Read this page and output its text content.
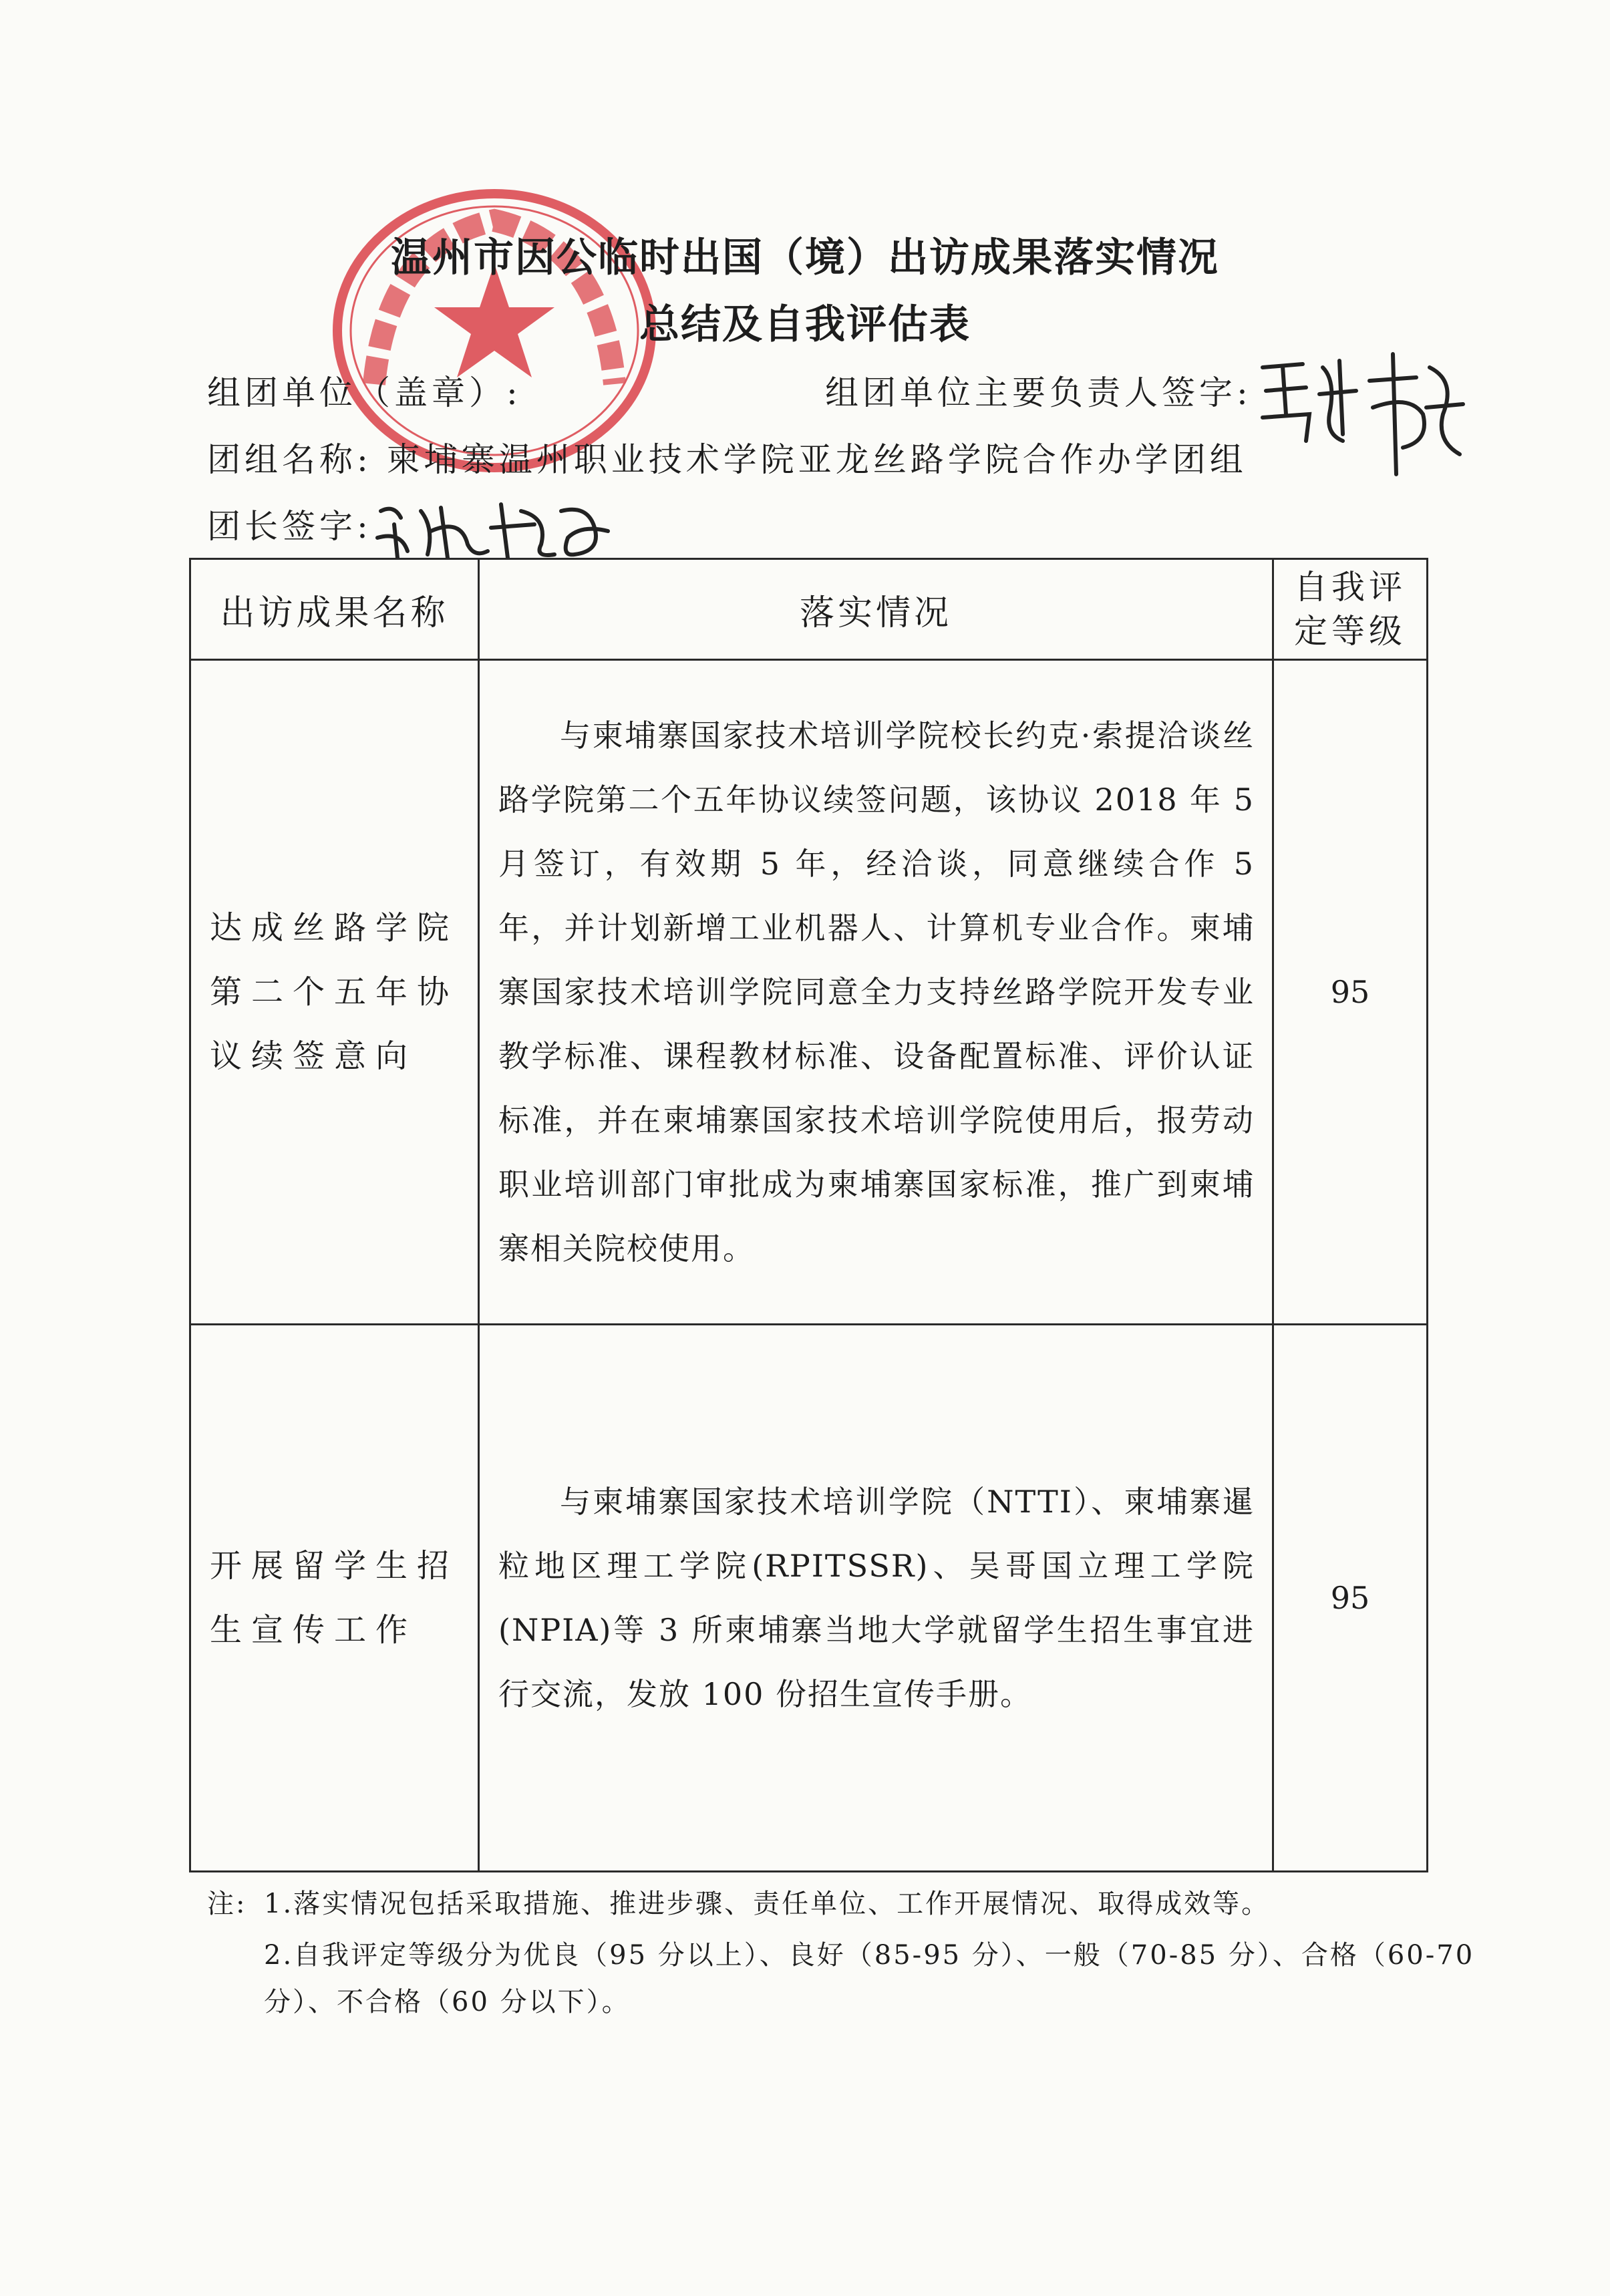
温州市因公临时出国（境）出访成果落实情况
总结及自我评估表
组团单位（盖章）:	组团单位主要负责人签字:
团组名称: 柬埔寨温州职业技术学院亚龙丝路学院合作办学团组
团长签字:
出访成果名称	落实情况	自我评
定等级

达成丝路学院第二个五年协议续签意向	与柬埔寨国家技术培训学院校长约克·索提洽谈丝路学院第二个五年协议续签问题，该协议 2018 年 5 月签订，有效期 5 年，经洽谈，同意继续合作 5 年，并计划新增工业机器人、计算机专业合作。柬埔寨国家技术培训学院同意全力支持丝路学院开发专业教学标准、课程教材标准、设备配置标准、评价认证标准，并在柬埔寨国家技术培训学院使用后，报劳动职业培训部门审批成为柬埔寨国家标准，推广到柬埔寨相关院校使用。	95
开展留学生招生宣传工作	与柬埔寨国家技术培训学院（NTTI）、柬埔寨暹粒地区理工学院(RPITSSR)、吴哥国立理工学院(NPIA)等 3 所柬埔寨当地大学就留学生招生事宜进行交流，发放 100 份招生宣传手册。	95
注: 1.落实情况包括采取措施、推进步骤、责任单位、工作开展情况、取得成效等。
2.自我评定等级分为优良（95 分以上）、良好（85-95 分）、一般（70-85 分）、合格（60-70
分）、不合格（60 分以下）。
